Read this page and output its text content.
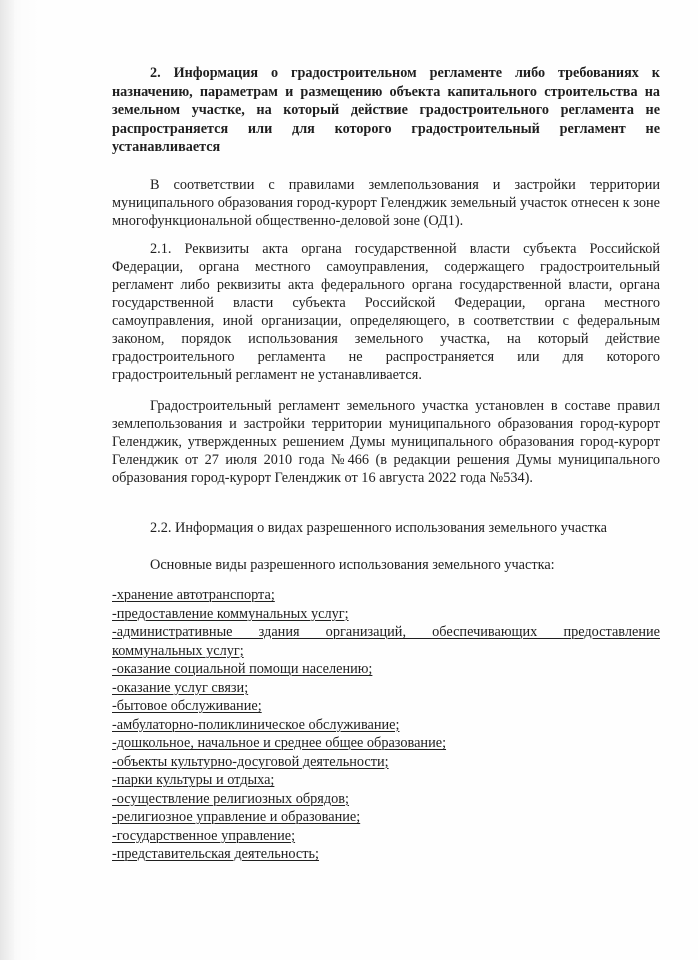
2. Информация о градостроительном регламенте либо требованиях к назначению, параметрам и размещению объекта капитального строительства на земельном участке, на который действие градостроительного регламента не распространяется или для которого градостроительный регламент не устанавливается

В соответствии с правилами землепользования и застройки территории муниципального образования город-курорт Геленджик земельный участок отнесен к зоне многофункциональной общественно-деловой зоне (ОД1).

2.1. Реквизиты акта органа государственной власти субъекта Российской Федерации, органа местного самоуправления, содержащего градостроительный регламент либо реквизиты акта федерального органа государственной власти, органа государственной власти субъекта Российской Федерации, органа местного самоуправления, иной организации, определяющего, в соответствии с федеральным законом, порядок использования земельного участка, на который действие градостроительного регламента не распространяется или для которого градостроительный регламент не устанавливается.

Градостроительный регламент земельного участка установлен в составе правил землепользования и застройки территории муниципального образования город-курорт Геленджик, утвержденных решением Думы муниципального образования город-курорт Геленджик от 27 июля 2010 года №466 (в редакции решения Думы муниципального образования город-курорт Геленджик от 16 августа 2022 года №534).

2.2. Информация о видах разрешенного использования земельного участка

Основные виды разрешенного использования земельного участка:

-хранение автотранспорта;
-предоставление коммунальных услуг;
-административные здания организаций, обеспечивающих предоставление коммунальных услуг;
-оказание социальной помощи населению;
-оказание услуг связи;
-бытовое обслуживание;
-амбулаторно-поликлиническое обслуживание;
-дошкольное, начальное и среднее общее образование;
-объекты культурно-досуговой деятельности;
-парки культуры и отдыха;
-осуществление религиозных обрядов;
-религиозное управление и образование;
-государственное управление;
-представительская деятельность;
